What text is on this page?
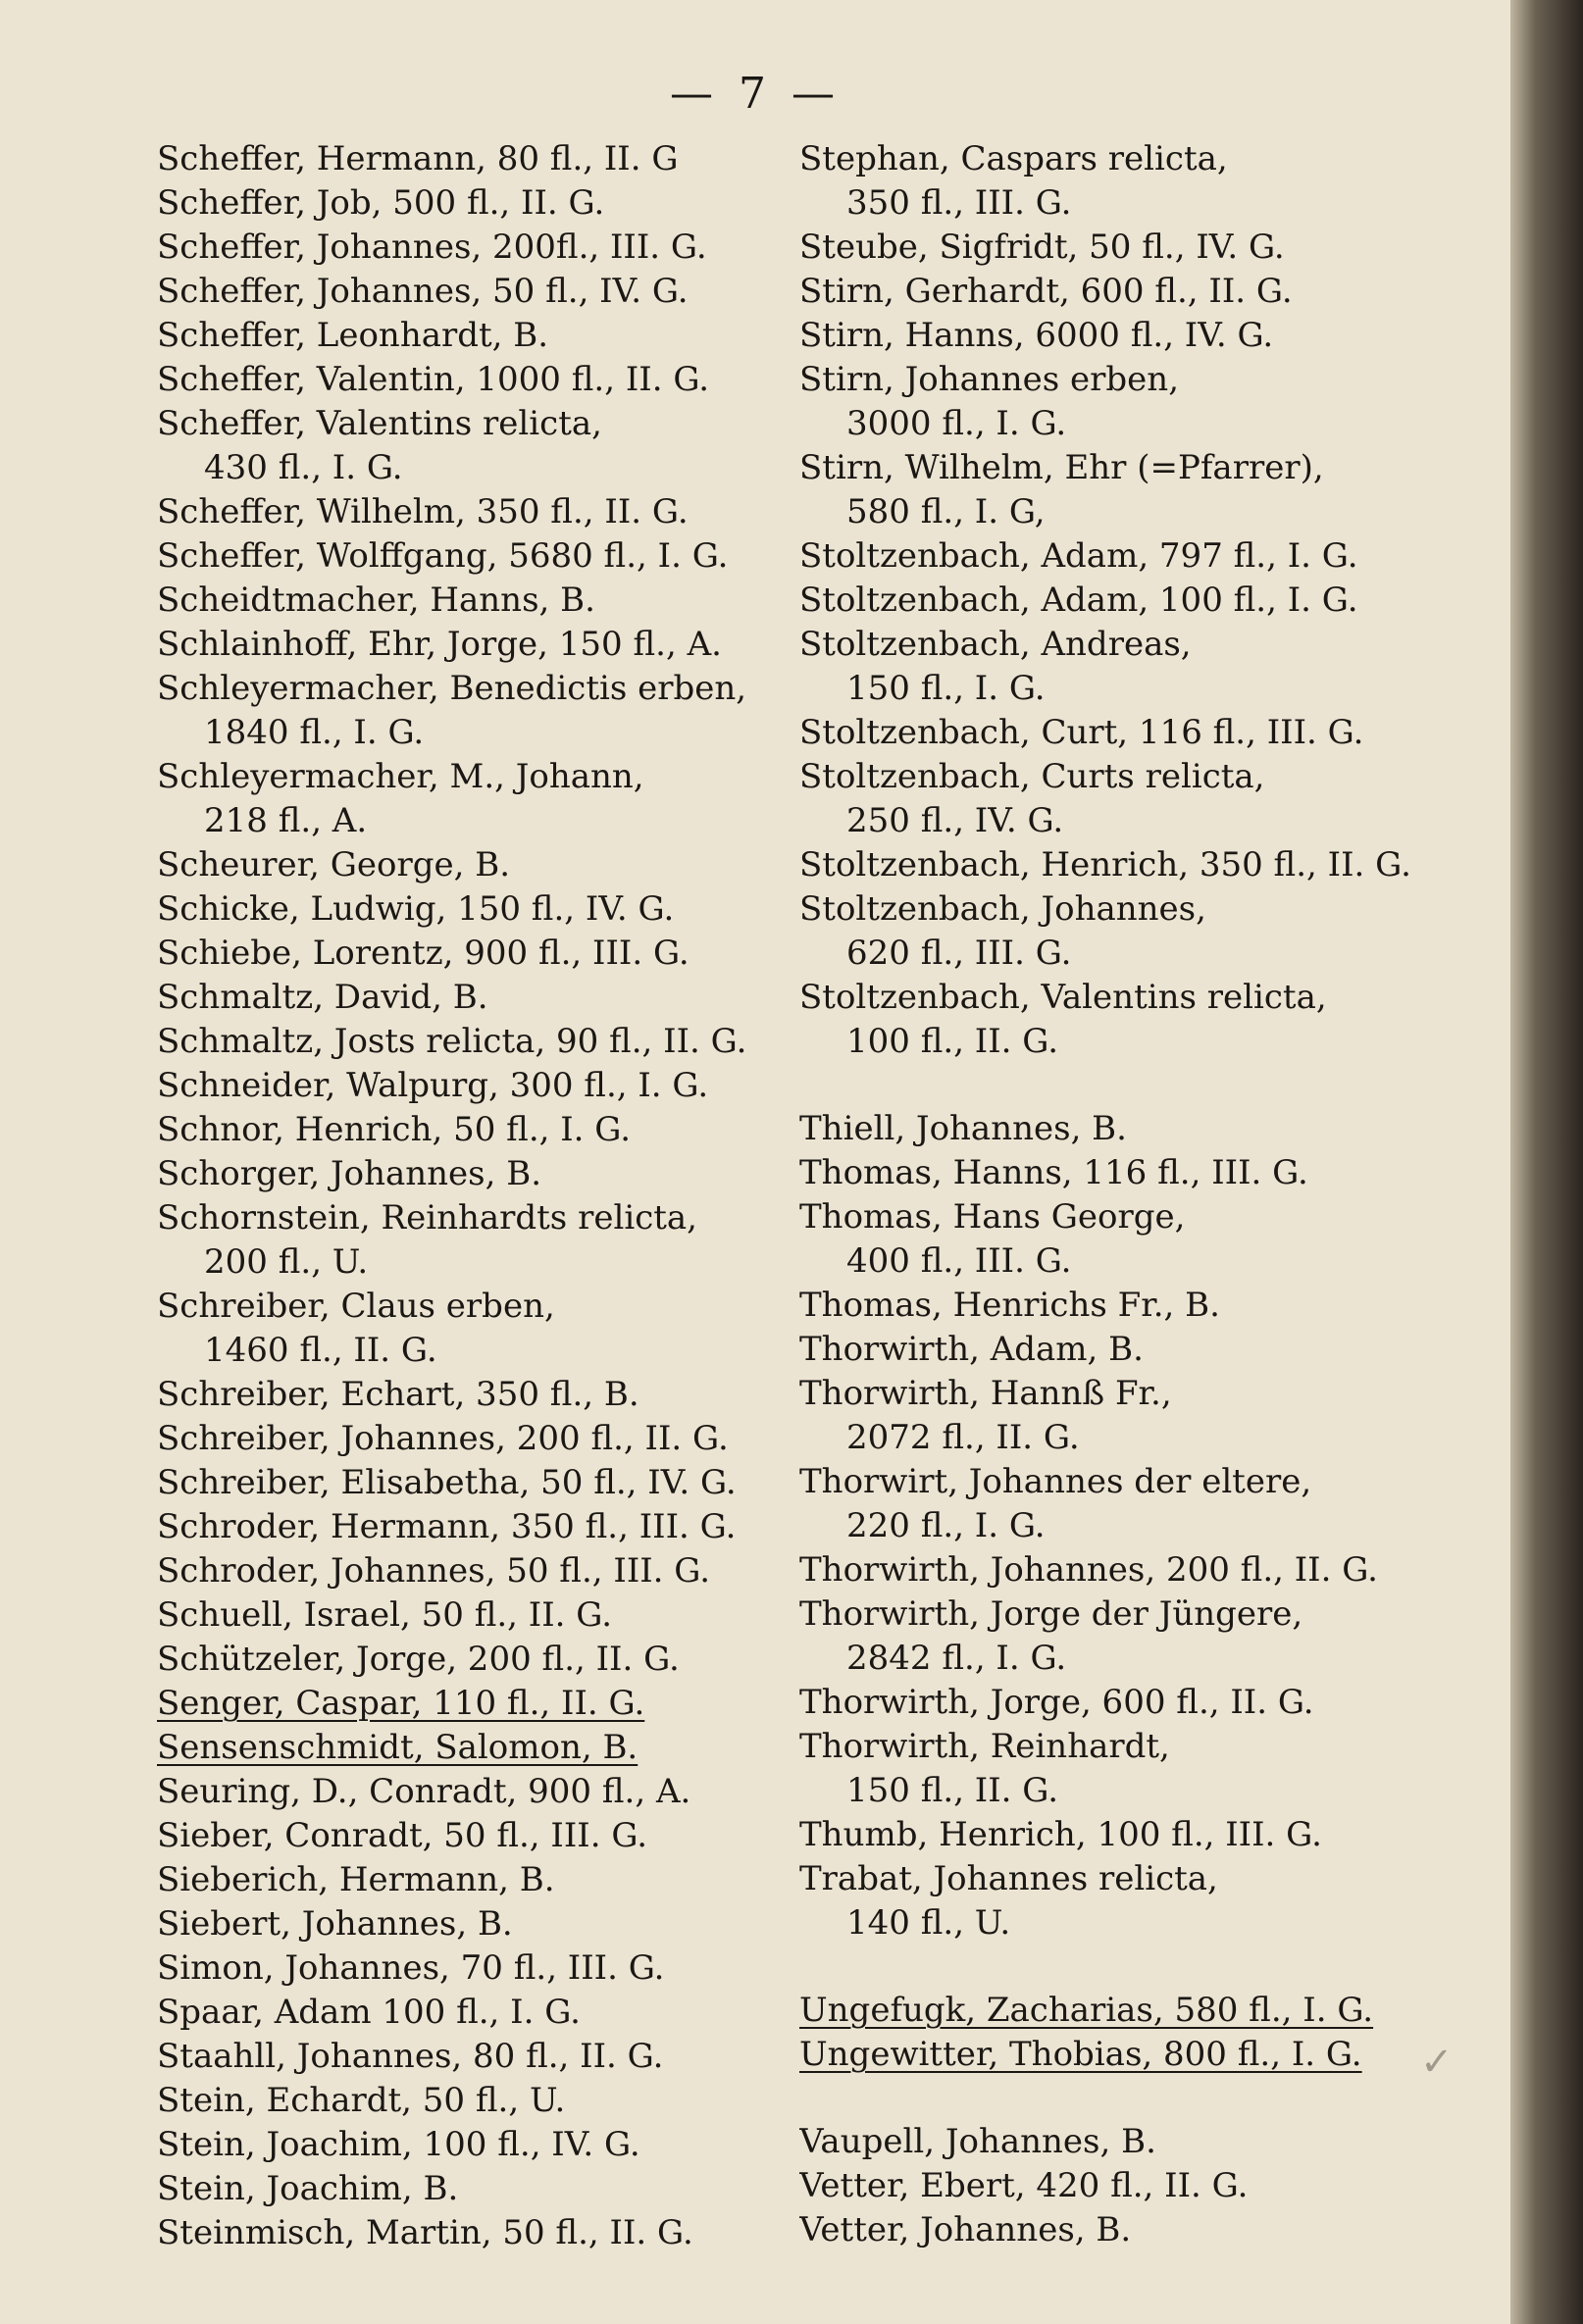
— 7 —
Scheffer, Hermann, 80 fl., II. G
Scheffer, Job, 500 fl., II. G.
Scheffer, Johannes, 200fl., III. G.
Scheffer, Johannes, 50 fl., IV. G.
Scheffer, Leonhardt, B.
Scheffer, Valentin, 1000 fl., II. G.
Scheffer, Valentins relicta,
430 fl., I. G.
Scheffer, Wilhelm, 350 fl., II. G.
Scheffer, Wolffgang, 5680 fl., I. G.
Scheidtmacher, Hanns, B.
Schlainhoff, Ehr, Jorge, 150 fl., A.
Schleyermacher, Benedictis erben,
1840 fl., I. G.
Schleyermacher, M., Johann,
218 fl., A.
Scheurer, George, B.
Schicke, Ludwig, 150 fl., IV. G.
Schiebe, Lorentz, 900 fl., III. G.
Schmaltz, David, B.
Schmaltz, Josts relicta, 90 fl., II. G.
Schneider, Walpurg, 300 fl., I. G.
Schnor, Henrich, 50 fl., I. G.
Schorger, Johannes, B.
Schornstein, Reinhardts relicta,
200 fl., U.
Schreiber, Claus erben,
1460 fl., II. G.
Schreiber, Echart, 350 fl., B.
Schreiber, Johannes, 200 fl., II. G.
Schreiber, Elisabetha, 50 fl., IV. G.
Schroder, Hermann, 350 fl., III. G.
Schroder, Johannes, 50 fl., III. G.
Schuell, Israel, 50 fl., II. G.
Schützeler, Jorge, 200 fl., II. G.
Senger, Caspar, 110 fl., II. G.
Sensenschmidt, Salomon, B.
Seuring, D., Conradt, 900 fl., A.
Sieber, Conradt, 50 fl., III. G.
Sieberich, Hermann, B.
Siebert, Johannes, B.
Simon, Johannes, 70 fl., III. G.
Spaar, Adam 100 fl., I. G.
Staahll, Johannes, 80 fl., II. G.
Stein, Echardt, 50 fl., U.
Stein, Joachim, 100 fl., IV. G.
Stein, Joachim, B.
Steinmisch, Martin, 50 fl., II. G.
Stephan, Caspars relicta,
350 fl., III. G.
Steube, Sigfridt, 50 fl., IV. G.
Stirn, Gerhardt, 600 fl., II. G.
Stirn, Hanns, 6000 fl., IV. G.
Stirn, Johannes erben,
3000 fl., I. G.
Stirn, Wilhelm, Ehr (=Pfarrer),
580 fl., I. G,
Stoltzenbach, Adam, 797 fl., I. G.
Stoltzenbach, Adam, 100 fl., I. G.
Stoltzenbach, Andreas,
150 fl., I. G.
Stoltzenbach, Curt, 116 fl., III. G.
Stoltzenbach, Curts relicta,
250 fl., IV. G.
Stoltzenbach, Henrich, 350 fl., II. G.
Stoltzenbach, Johannes,
620 fl., III. G.
Stoltzenbach, Valentins relicta,
100 fl., II. G.
Thiell, Johannes, B.
Thomas, Hanns, 116 fl., III. G.
Thomas, Hans George,
400 fl., III. G.
Thomas, Henrichs Fr., B.
Thorwirth, Adam, B.
Thorwirth, Hannß Fr.,
2072 fl., II. G.
Thorwirt, Johannes der eltere,
220 fl., I. G.
Thorwirth, Johannes, 200 fl., II. G.
Thorwirth, Jorge der Jüngere,
2842 fl., I. G.
Thorwirth, Jorge, 600 fl., II. G.
Thorwirth, Reinhardt,
150 fl., II. G.
Thumb, Henrich, 100 fl., III. G.
Trabat, Johannes relicta,
140 fl., U.
Ungefugk, Zacharias, 580 fl., I. G.
Ungewitter, Thobias, 800 fl., I. G.
Vaupell, Johannes, B.
Vetter, Ebert, 420 fl., II. G.
Vetter, Johannes, B.
✓
